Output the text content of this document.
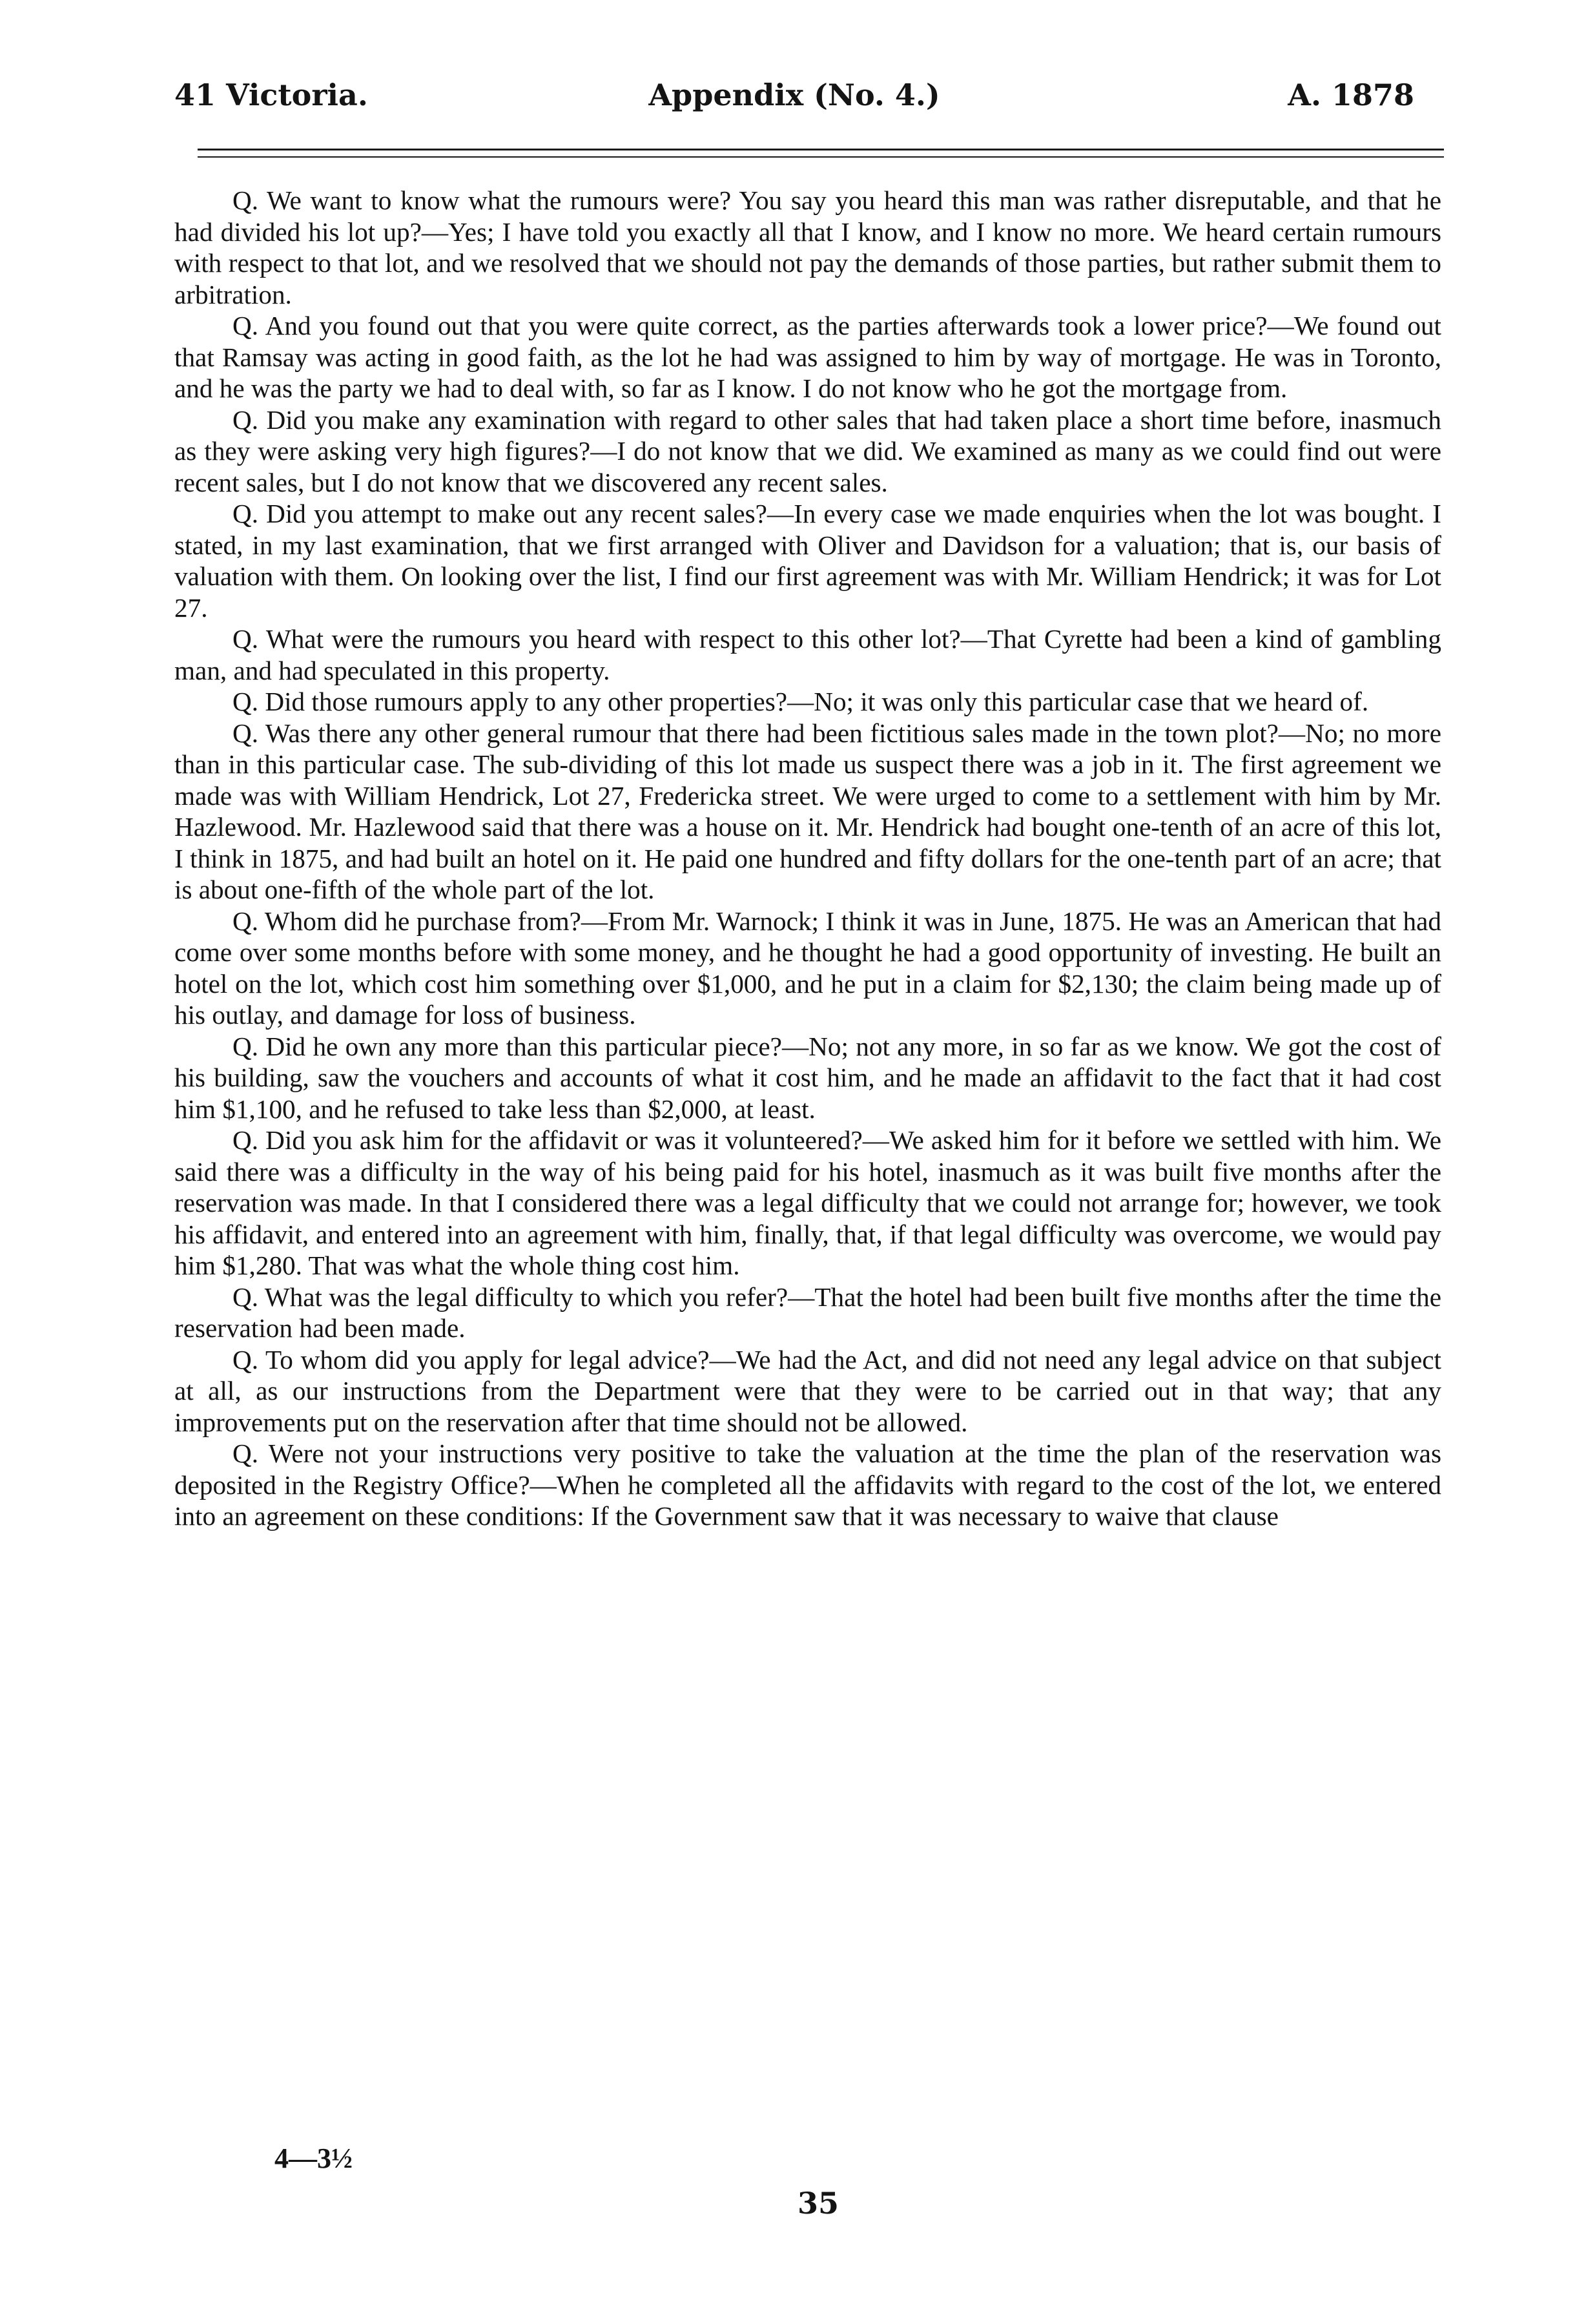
41 Victoria.	Appendix (No. 4.)	A. 1878

Q. We want to know what the rumours were? You say you heard this man was rather disreputable, and that he had divided his lot up?—Yes; I have told you exactly all that I know, and I know no more. We heard certain rumours with respect to that lot, and we resolved that we should not pay the demands of those parties, but rather submit them to arbitration.

Q. And you found out that you were quite correct, as the parties afterwards took a lower price?—We found out that Ramsay was acting in good faith, as the lot he had was assigned to him by way of mortgage. He was in Toronto, and he was the party we had to deal with, so far as I know. I do not know who he got the mortgage from.

Q. Did you make any examination with regard to other sales that had taken place a short time before, inasmuch as they were asking very high figures?—I do not know that we did. We examined as many as we could find out were recent sales, but I do not know that we discovered any recent sales.

Q. Did you attempt to make out any recent sales?—In every case we made enquiries when the lot was bought. I stated, in my last examination, that we first arranged with Oliver and Davidson for a valuation; that is, our basis of valuation with them. On looking over the list, I find our first agreement was with Mr. William Hendrick; it was for Lot 27.

Q. What were the rumours you heard with respect to this other lot?—That Cyrette had been a kind of gambling man, and had speculated in this property.

Q. Did those rumours apply to any other properties?—No; it was only this particular case that we heard of.

Q. Was there any other general rumour that there had been fictitious sales made in the town plot?—No; no more than in this particular case. The sub-dividing of this lot made us suspect there was a job in it. The first agreement we made was with William Hendrick, Lot 27, Fredericka street. We were urged to come to a settlement with him by Mr. Hazlewood. Mr. Hazlewood said that there was a house on it. Mr. Hendrick had bought one-tenth of an acre of this lot, I think in 1875, and had built an hotel on it. He paid one hundred and fifty dollars for the one-tenth part of an acre; that is about one-fifth of the whole part of the lot.

Q. Whom did he purchase from?—From Mr. Warnock; I think it was in June, 1875. He was an American that had come over some months before with some money, and he thought he had a good opportunity of investing. He built an hotel on the lot, which cost him something over $1,000, and he put in a claim for $2,130; the claim being made up of his outlay, and damage for loss of business.

Q. Did he own any more than this particular piece?—No; not any more, in so far as we know. We got the cost of his building, saw the vouchers and accounts of what it cost him, and he made an affidavit to the fact that it had cost him $1,100, and he refused to take less than $2,000, at least.

Q. Did you ask him for the affidavit or was it volunteered?—We asked him for it before we settled with him. We said there was a difficulty in the way of his being paid for his hotel, inasmuch as it was built five months after the reservation was made. In that I considered there was a legal difficulty that we could not arrange for; however, we took his affidavit, and entered into an agreement with him, finally, that, if that legal difficulty was overcome, we would pay him $1,280. That was what the whole thing cost him.

Q. What was the legal difficulty to which you refer?—That the hotel had been built five months after the time the reservation had been made.

Q. To whom did you apply for legal advice?—We had the Act, and did not need any legal advice on that subject at all, as our instructions from the Department were that they were to be carried out in that way; that any improvements put on the reservation after that time should not be allowed.

Q. Were not your instructions very positive to take the valuation at the time the plan of the reservation was deposited in the Registry Office?—When he completed all the affidavits with regard to the cost of the lot, we entered into an agreement on these conditions: If the Government saw that it was necessary to waive that clause

4—3½
35
